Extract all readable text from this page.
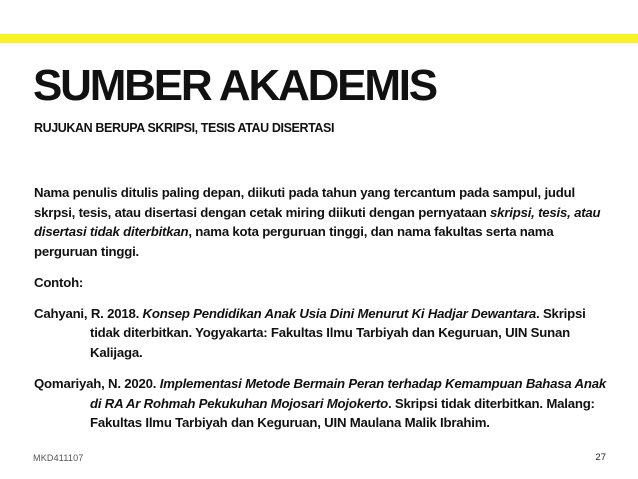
SUMBER AKADEMIS
RUJUKAN BERUPA SKRIPSI, TESIS ATAU DISERTASI

Nama penulis ditulis paling depan, diikuti pada tahun yang tercantum pada sampul, judul skrpsi, tesis, atau disertasi dengan cetak miring diikuti dengan pernyataan skripsi, tesis, atau disertasi tidak diterbitkan, nama kota perguruan tinggi, dan nama fakultas serta nama perguruan tinggi.

Contoh:

Cahyani, R. 2018. Konsep Pendidikan Anak Usia Dini Menurut Ki Hadjar Dewantara. Skripsi tidak diterbitkan. Yogyakarta: Fakultas Ilmu Tarbiyah dan Keguruan, UIN Sunan Kalijaga.

Qomariyah, N. 2020. Implementasi Metode Bermain Peran terhadap Kemampuan Bahasa Anak di RA Ar Rohmah Pekukuhan Mojosari Mojokerto. Skripsi tidak diterbitkan. Malang: Fakultas Ilmu Tarbiyah dan Keguruan, UIN Maulana Malik Ibrahim.

MKD411107	27
